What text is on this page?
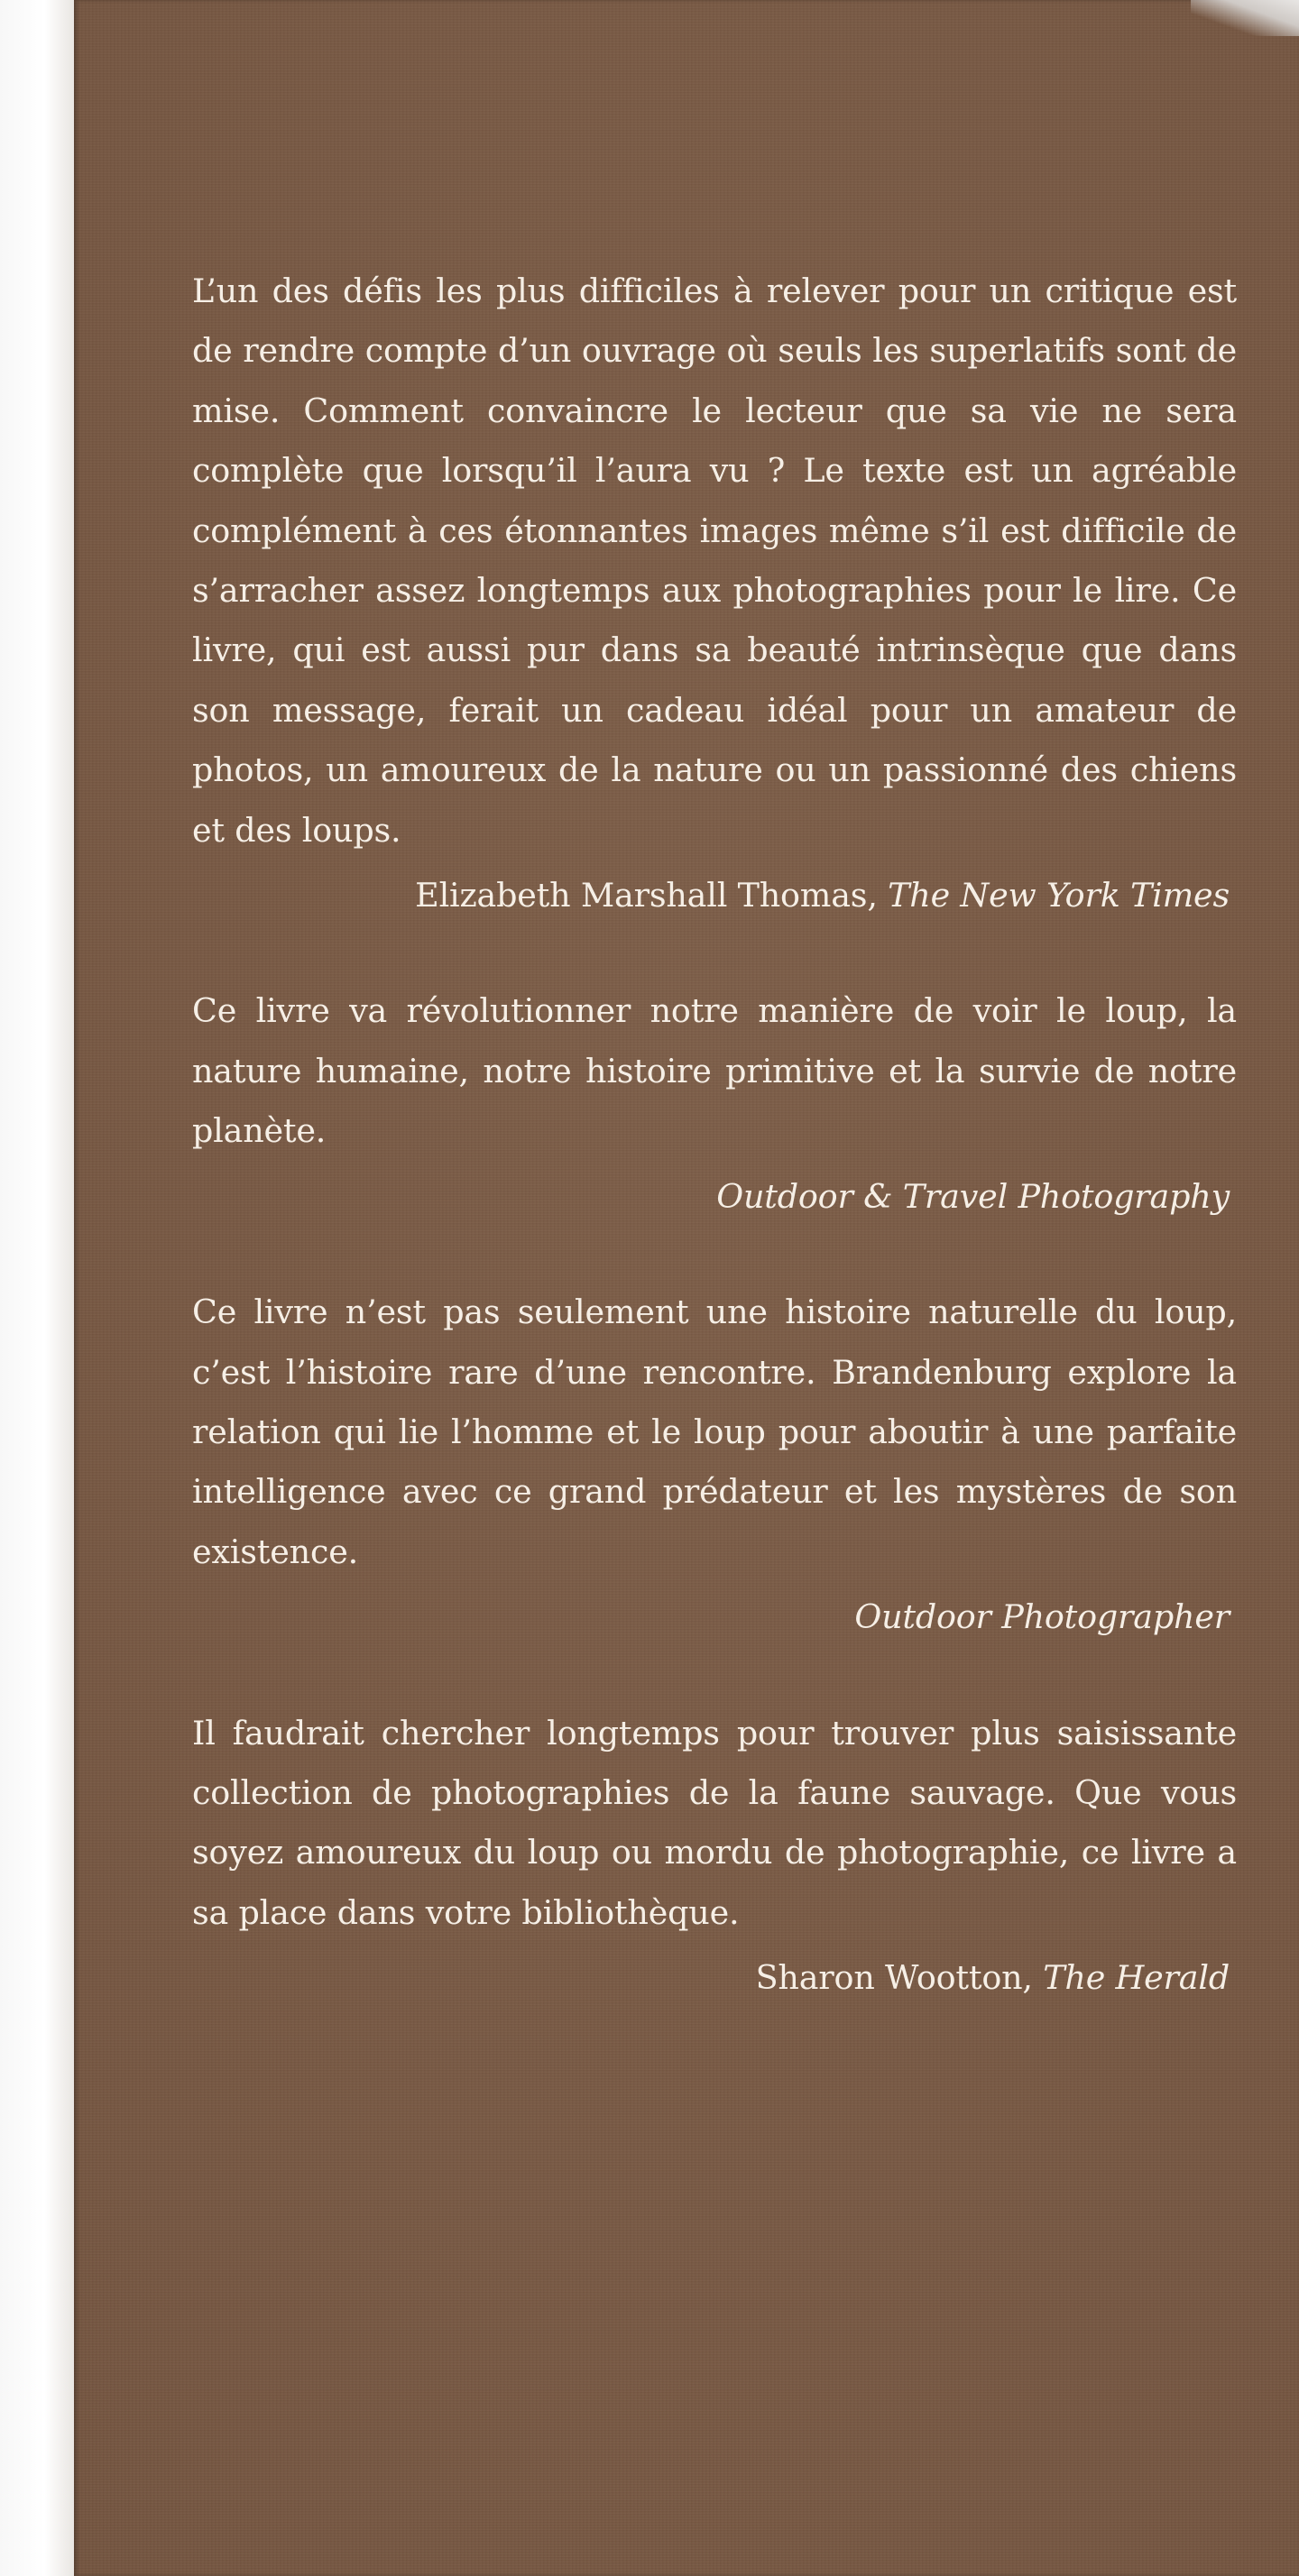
L’un des défis les plus difficiles à relever pour un critique est de rendre compte d’un ouvrage où seuls les superlatifs sont de mise. Comment convaincre le lecteur que sa vie ne sera complète que lorsqu’il l’aura vu ? Le texte est un agréable complément à ces étonnantes images même s’il est difficile de s’arracher assez longtemps aux photographies pour le lire. Ce livre, qui est aussi pur dans sa beauté intrinsèque que dans son message, ferait un cadeau idéal pour un amateur de photos, un amoureux de la nature ou un passionné des chiens et des loups.

Elizabeth Marshall Thomas, The New York Times

Ce livre va révolutionner notre manière de voir le loup, la nature humaine, notre histoire primitive et la survie de notre planète.

Outdoor & Travel Photography

Ce livre n’est pas seulement une histoire naturelle du loup, c’est l’histoire rare d’une rencontre. Brandenburg explore la relation qui lie l’homme et le loup pour aboutir à une parfaite intelligence avec ce grand prédateur et les mystères de son existence.

Outdoor Photographer

Il faudrait chercher longtemps pour trouver plus saisissante collection de photographies de la faune sauvage. Que vous soyez amoureux du loup ou mordu de photographie, ce livre a sa place dans votre bibliothèque.

Sharon Wootton, The Herald
